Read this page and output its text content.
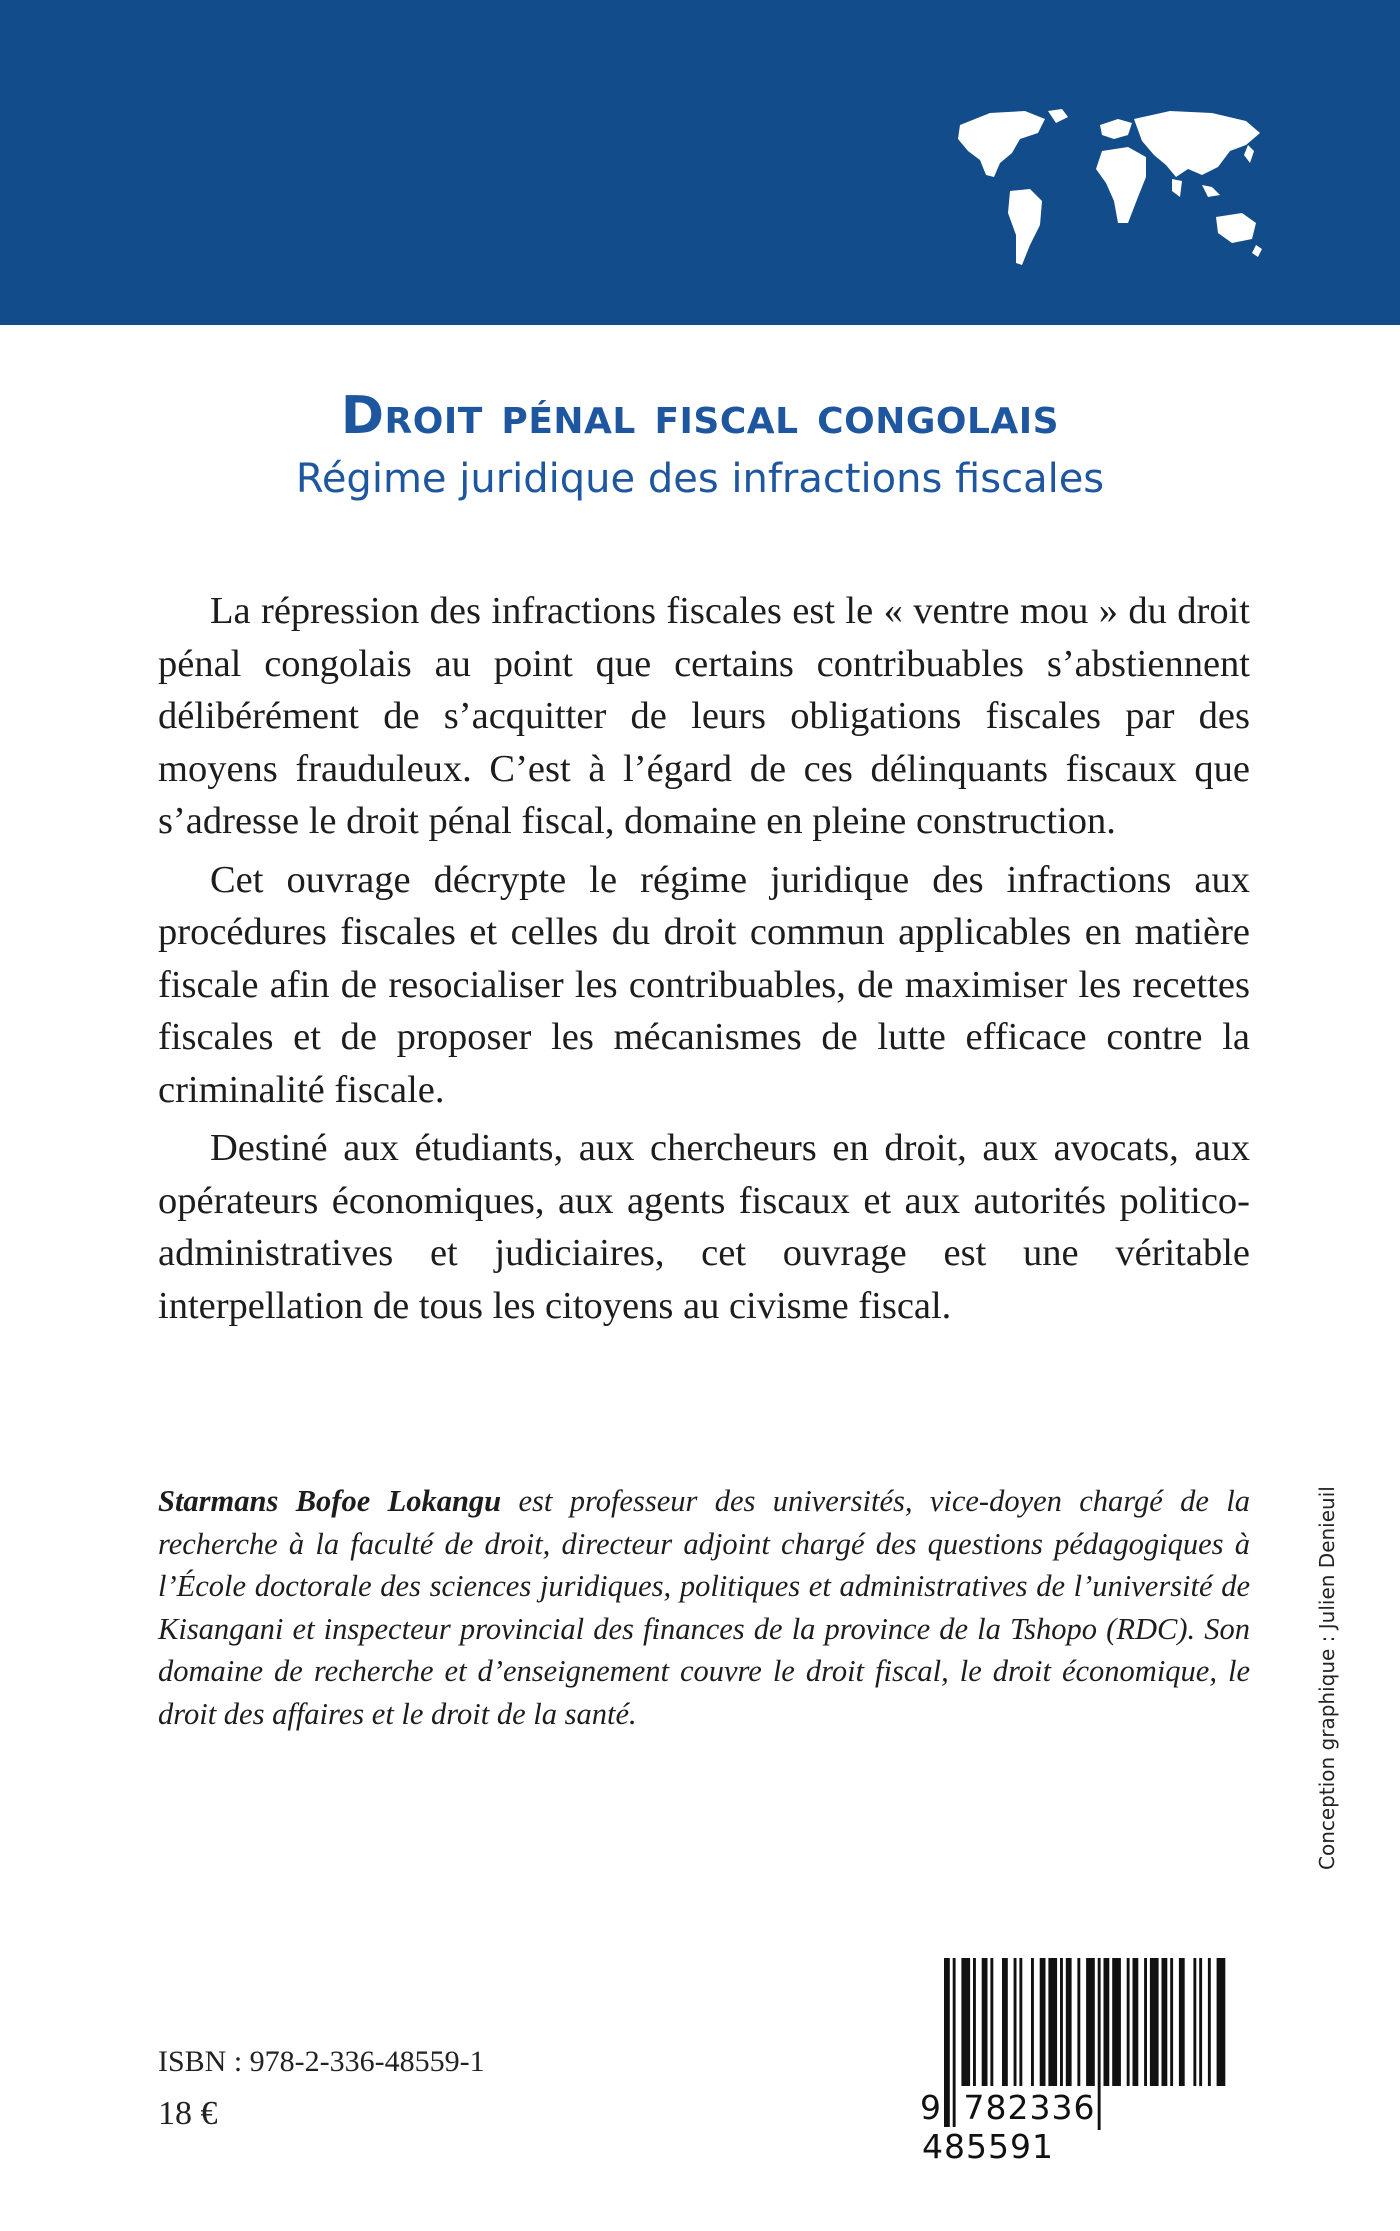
Droit pénal fiscal congolais
Régime juridique des infractions fiscales

La répression des infractions fiscales est le « ventre mou » du droit pénal congolais au point que certains contribuables s’abstiennent délibérément de s’acquitter de leurs obligations fiscales par des moyens frauduleux. C’est à l’égard de ces délinquants fiscaux que s’adresse le droit pénal fiscal, domaine en pleine construction.

Cet ouvrage décrypte le régime juridique des infractions aux procédures fiscales et celles du droit commun applicables en matière fiscale afin de resocialiser les contribuables, de maximiser les recettes fiscales et de proposer les mécanismes de lutte efficace contre la criminalité fiscale.

Destiné aux étudiants, aux chercheurs en droit, aux avocats, aux opérateurs économiques, aux agents fiscaux et aux autorités politico-administratives et judiciaires, cet ouvrage est une véritable interpellation de tous les citoyens au civisme fiscal.

Starmans Bofoe Lokangu est professeur des universités, vice-doyen chargé de la recherche à la faculté de droit, directeur adjoint chargé des questions pédagogiques à l’École doctorale des sciences juridiques, politiques et administratives de l’université de Kisangani et inspecteur provincial des finances de la province de la Tshopo (RDC). Son domaine de recherche et d’enseignement couvre le droit fiscal, le droit économique, le droit des affaires et le droit de la santé.	Conception graphique : Julien Denieuil
ISBN : 978-2-336-48559-1
18 €	9 782336 485591
